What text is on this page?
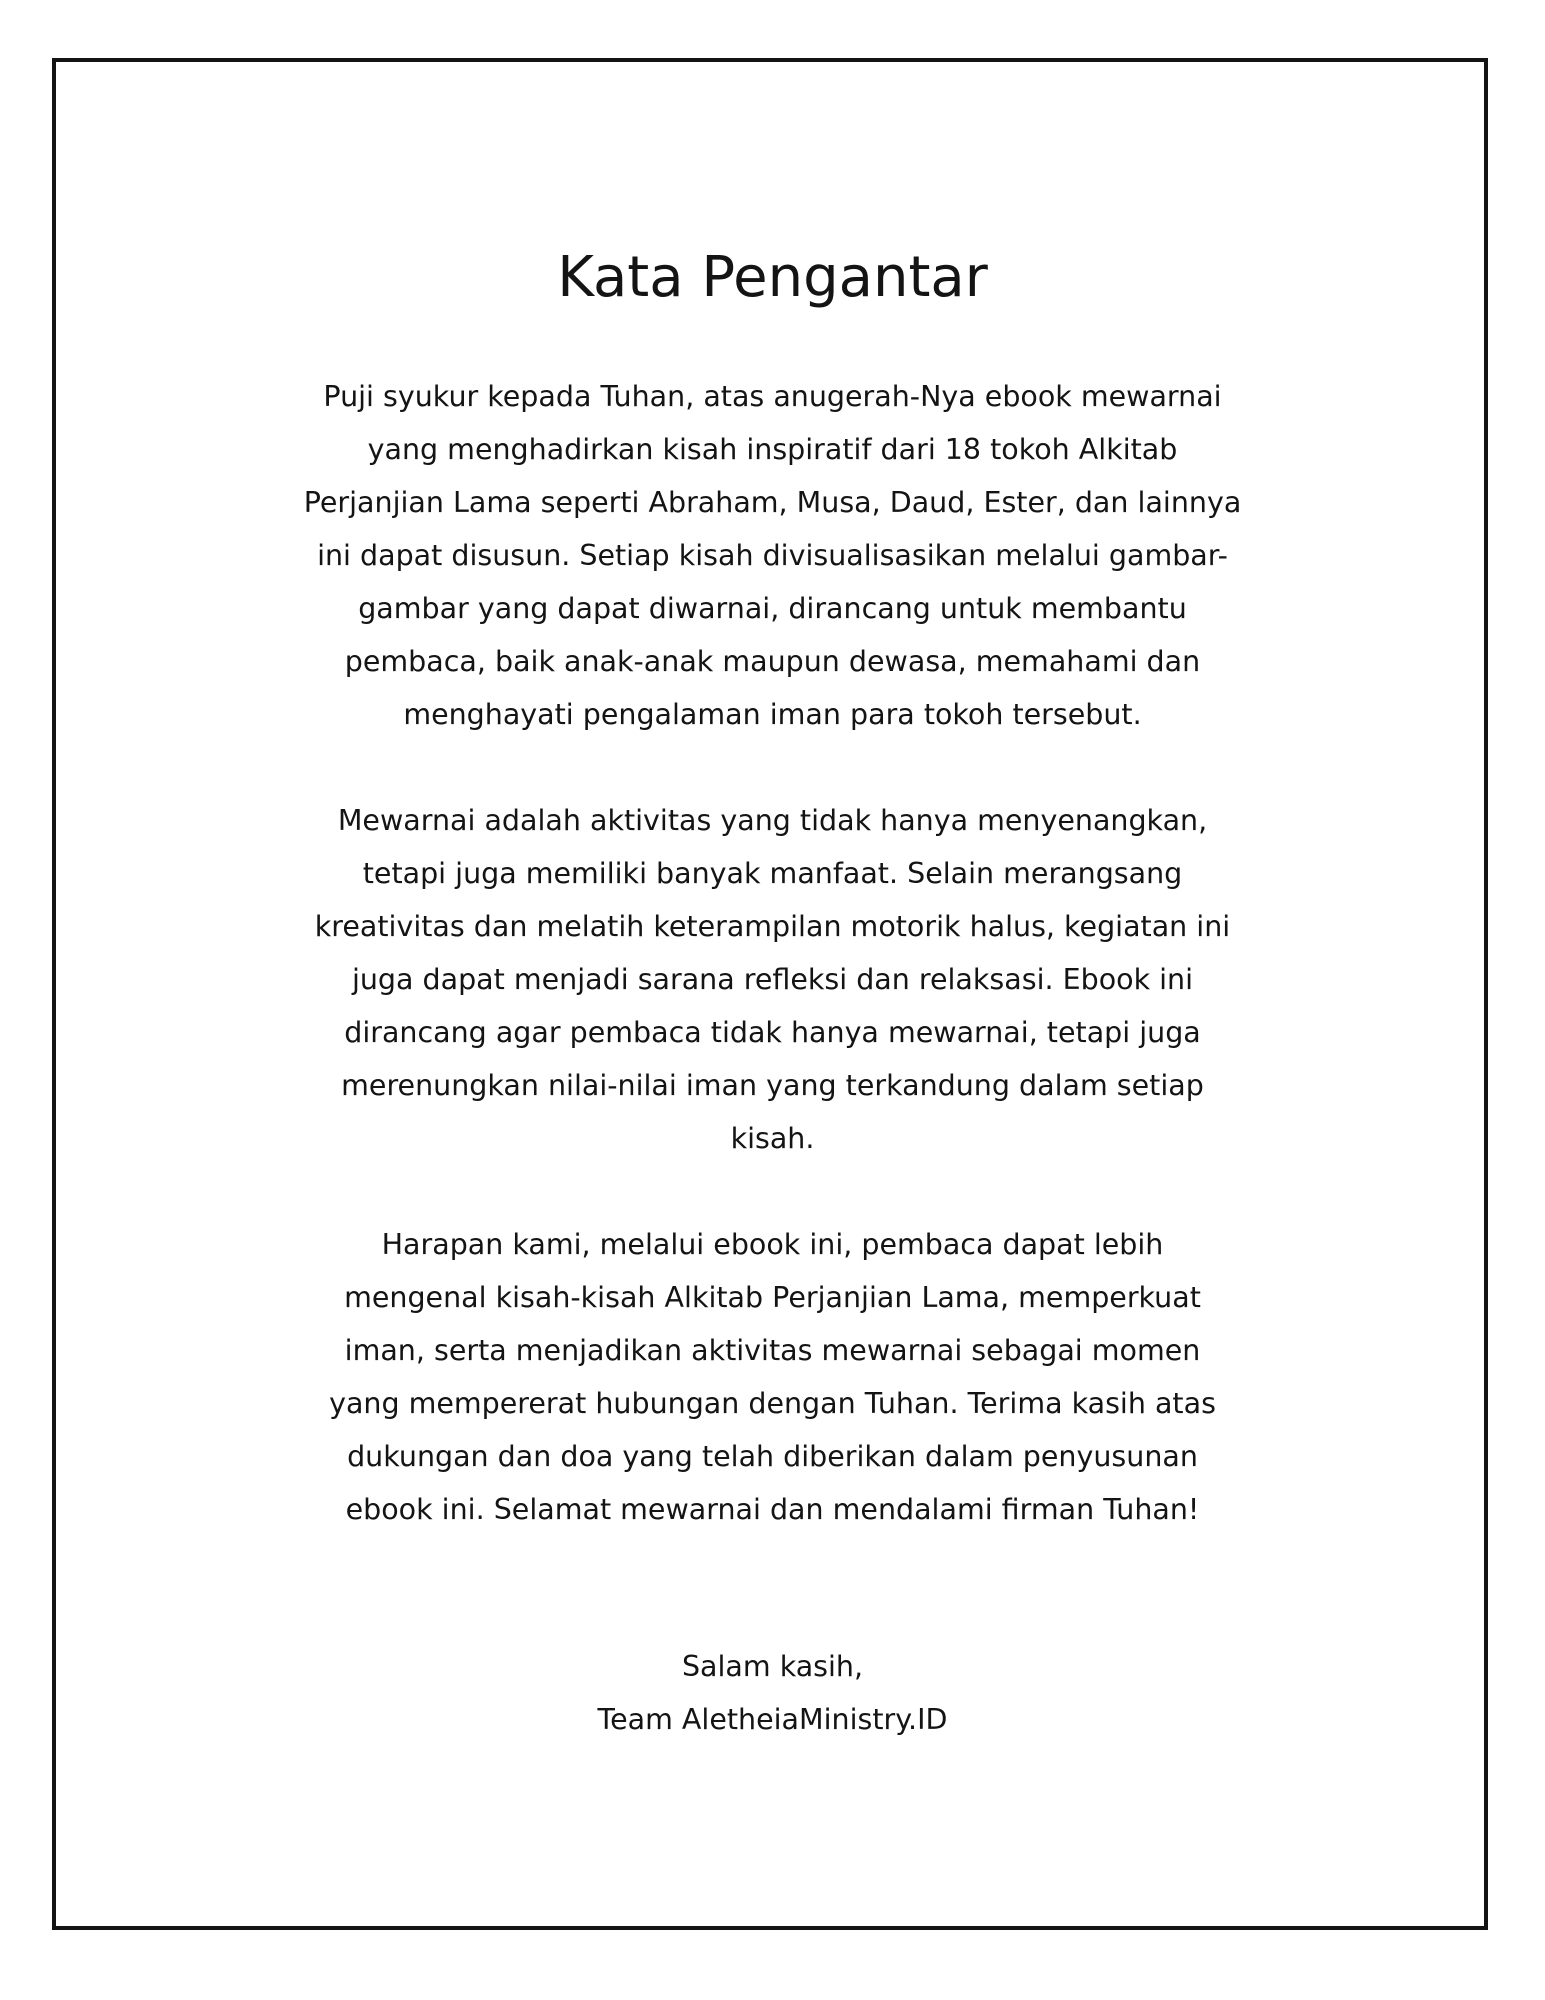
Kata Pengantar

Puji syukur kepada Tuhan, atas anugerah-Nya ebook mewarnai
yang menghadirkan kisah inspiratif dari 18 tokoh Alkitab
Perjanjian Lama seperti Abraham, Musa, Daud, Ester, dan lainnya
ini dapat disusun. Setiap kisah divisualisasikan melalui gambar-
gambar yang dapat diwarnai, dirancang untuk membantu
pembaca, baik anak-anak maupun dewasa, memahami dan
menghayati pengalaman iman para tokoh tersebut.

Mewarnai adalah aktivitas yang tidak hanya menyenangkan,
tetapi juga memiliki banyak manfaat. Selain merangsang
kreativitas dan melatih keterampilan motorik halus, kegiatan ini
juga dapat menjadi sarana refleksi dan relaksasi. Ebook ini
dirancang agar pembaca tidak hanya mewarnai, tetapi juga
merenungkan nilai-nilai iman yang terkandung dalam setiap
kisah.

Harapan kami, melalui ebook ini, pembaca dapat lebih
mengenal kisah-kisah Alkitab Perjanjian Lama, memperkuat
iman, serta menjadikan aktivitas mewarnai sebagai momen
yang mempererat hubungan dengan Tuhan. Terima kasih atas
dukungan dan doa yang telah diberikan dalam penyusunan
ebook ini. Selamat mewarnai dan mendalami firman Tuhan!

Salam kasih,
Team AletheiaMinistry.ID
